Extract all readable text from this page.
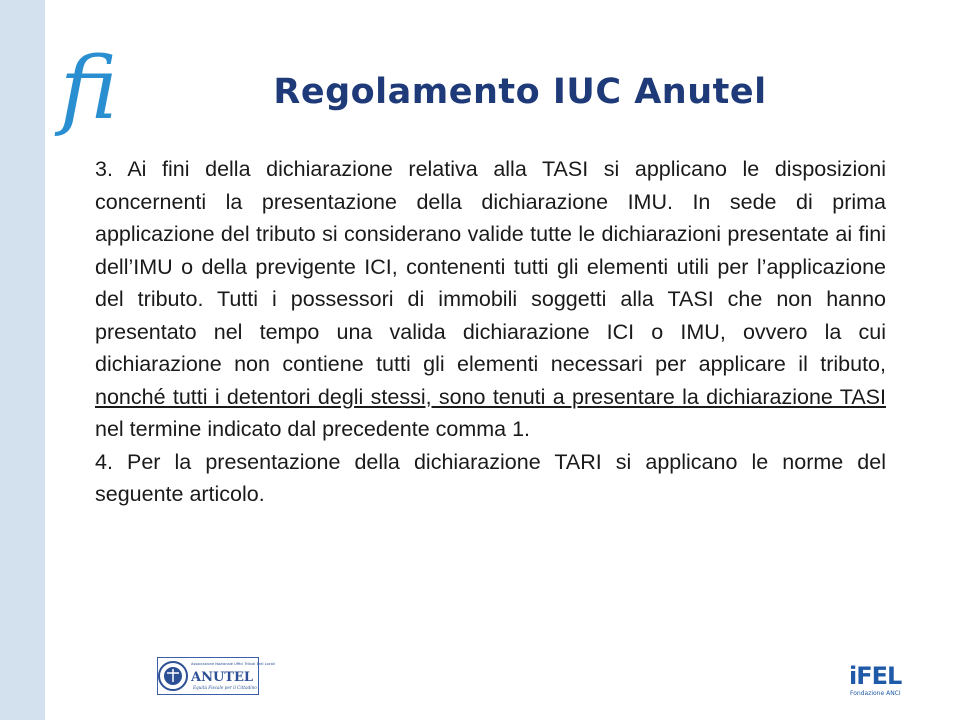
fi	Regolamento IUC Anutel

3. Ai fini della dichiarazione relativa alla TASI si applicano le disposizioni concernenti la presentazione della dichiarazione IMU. In sede di prima applicazione del tributo si considerano valide tutte le dichiarazioni presentate ai fini dell’IMU o della previgente ICI, contenenti tutti gli elementi utili per l’applicazione del tributo. Tutti i possessori di immobili soggetti alla TASI che non hanno presentato nel tempo una valida dichiarazione ICI o IMU, ovvero la cui dichiarazione non contiene tutti gli elementi necessari per applicare il tributo, nonché tutti i detentori degli stessi, sono tenuti a presentare la dichiarazione TASI nel termine indicato dal precedente comma 1.

4. Per la presentazione della dichiarazione TARI si applicano le norme del seguente articolo.

Associazione Nazionale Uffici Tributi Enti Locali
ANUTEL
Equità Fiscale per il Cittadino	iFEL
Fondazione ANCI
